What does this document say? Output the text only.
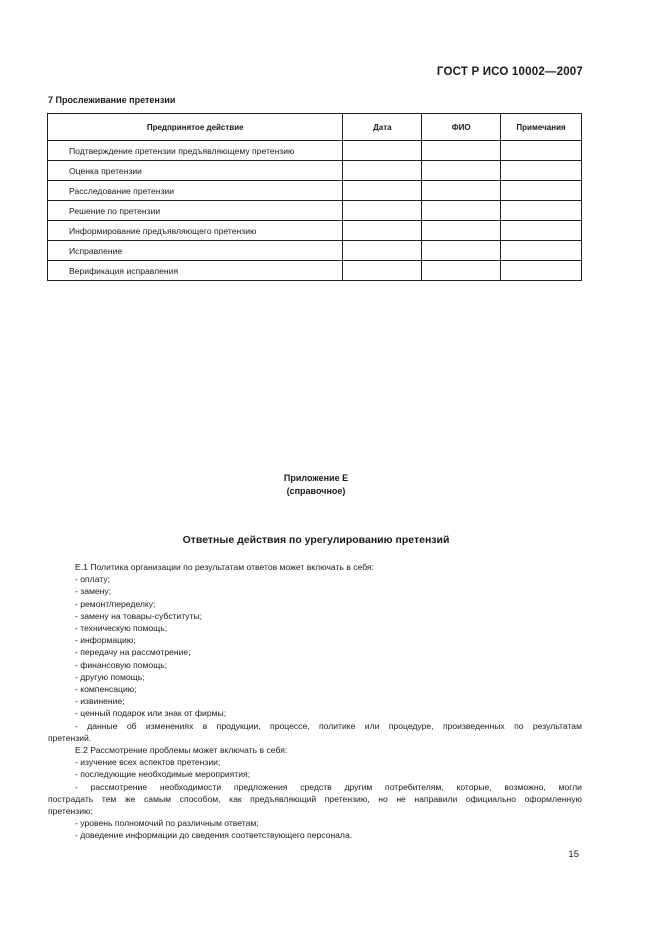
ГОСТ Р ИСО 10002—2007
7 Прослеживание претензии
Предпринятое действие	Дата	ФИО	Примечания
Подтверждение претензии предъявляющему претензию			
Оценка претензии			
Расследование претензии			
Решение по претензии			
Информирование предъявляющего претензию			
Исправление			
Верификация исправления			
Приложение Е
(справочное)
Ответные действия по урегулированию претензий

Е.1 Политика организации по результатам ответов может включать в себя:

- оплату;

- замену;

- ремонт/переделку;

- замену на товары-субституты;

- техническую помощь;

- информацию;

- передачу на рассмотрение;

- финансовую помощь;

- другую помощь;

- компенсацию;

- извинение;

- ценный подарок или знак от фирмы;

- данные об изменениях в продукции, процессе, политике или процедуре, произведенных по результатам

претензий.

Е.2 Рассмотрение проблемы может включать в себя:

- изучение всех аспектов претензии;

- последующие необходимые мероприятия;

- рассмотрение необходимости предложения средств другим потребителям, которые, возможно, могли

пострадать тем же самым способом, как предъявляющий претензию, но не направили официально оформленную

претензию;

- уровень полномочий по различным ответам;

- доведение информации до сведения соответствующего персонала.

15
